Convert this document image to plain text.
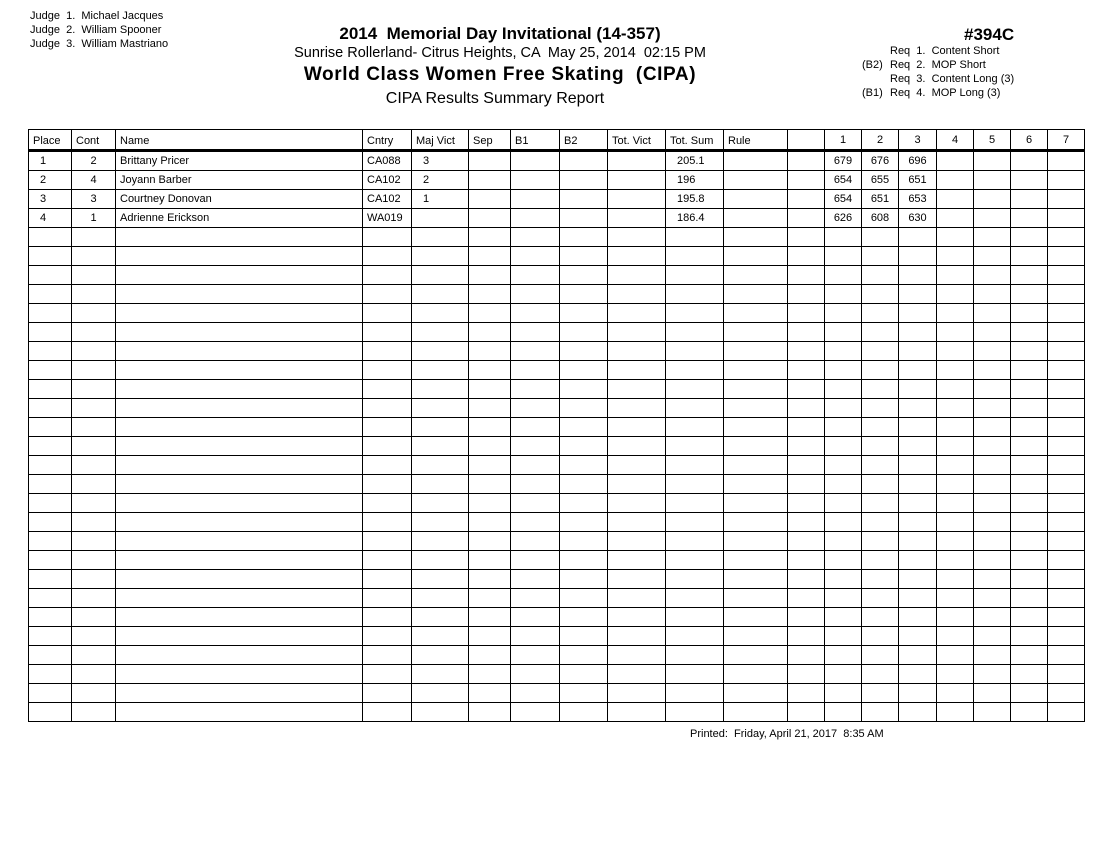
Judge  1.  Michael Jacques
Judge  2.  William Spooner
Judge  3.  William Mastriano
2014  Memorial Day Invitational (14-357)
Sunrise Rollerland- Citrus Heights, CA  May 25, 2014  02:15 PM
World Class Women Free Skating  (CIPA)
CIPA Results Summary Report
#394C
Req  1.  Content Short
(B2) Req  2.  MOP Short
Req  3.  Content Long (3)
(B1) Req  4.  MOP Long (3)
Place	Cont	Name	Cntry	Maj Vict	Sep	B1	B2	Tot. Vict	Tot. Sum	Rule		1	2	3	4	5	6	7
1	2	Brittany Pricer	CA088	3					205.1			679	676	696				
2	4	Joyann Barber	CA102	2					196			654	655	651				
3	3	Courtney Donovan	CA102	1					195.8			654	651	653				
4	1	Adrienne Erickson	WA019						186.4			626	608	630				

Printed:  Friday, April 21, 2017  8:35 AM
